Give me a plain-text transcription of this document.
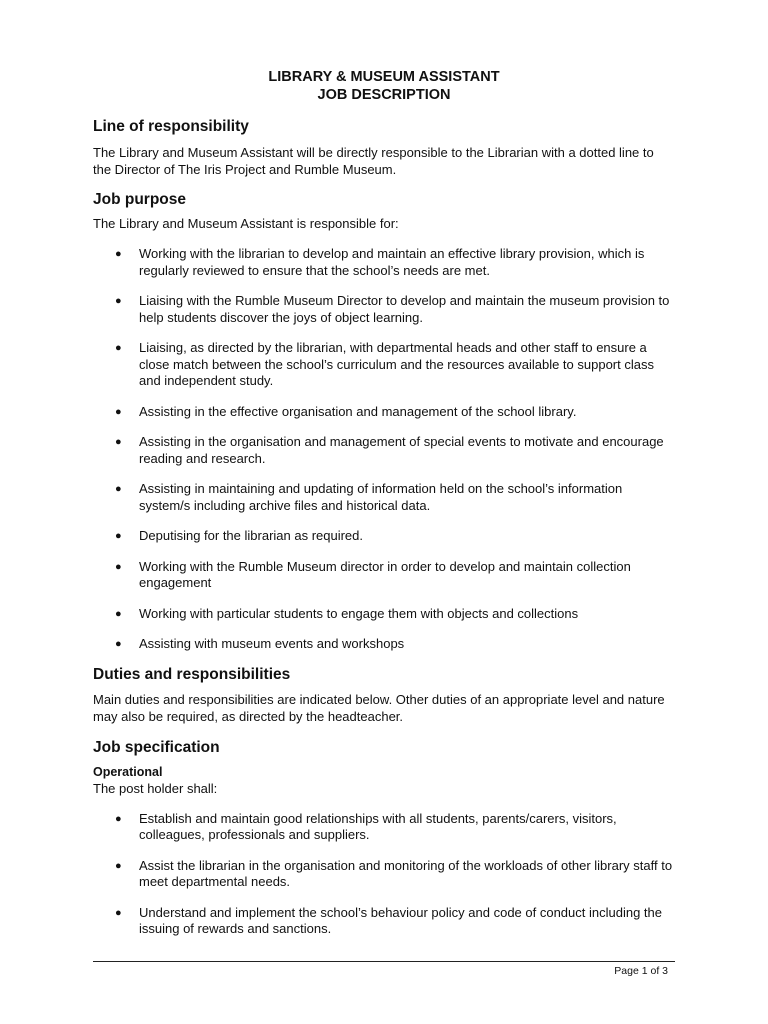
LIBRARY & MUSEUM ASSISTANT

JOB DESCRIPTION

Line of responsibility

The Library and Museum Assistant will be directly responsible to the Librarian with a dotted line to the Director of The Iris Project and Rumble Museum.

Job purpose

The Library and Museum Assistant is responsible for:

● Working with the librarian to develop and maintain an effective library provision, which is regularly reviewed to ensure that the school’s needs are met.
● Liaising with the Rumble Museum Director to develop and maintain the museum provision to help students discover the joys of object learning.
● Liaising, as directed by the librarian, with departmental heads and other staff to ensure a close match between the school’s curriculum and the resources available to support class and independent study.
● Assisting in the effective organisation and management of the school library.
● Assisting in the organisation and management of special events to motivate and encourage reading and research.
● Assisting in maintaining and updating of information held on the school’s information system/s including archive files and historical data.
● Deputising for the librarian as required.
● Working with the Rumble Museum director in order to develop and maintain collection engagement
● Working with particular students to engage them with objects and collections
● Assisting with museum events and workshops
Duties and responsibilities

Main duties and responsibilities are indicated below. Other duties of an appropriate level and nature may also be required, as directed by the headteacher.

Job specification
Operational

The post holder shall:

● Establish and maintain good relationships with all students, parents/carers, visitors, colleagues, professionals and suppliers.
● Assist the librarian in the organisation and monitoring of the workloads of other library staff to meet departmental needs.
● Understand and implement the school’s behaviour policy and code of conduct including the issuing of rewards and sanctions.
Page 1 of 3
